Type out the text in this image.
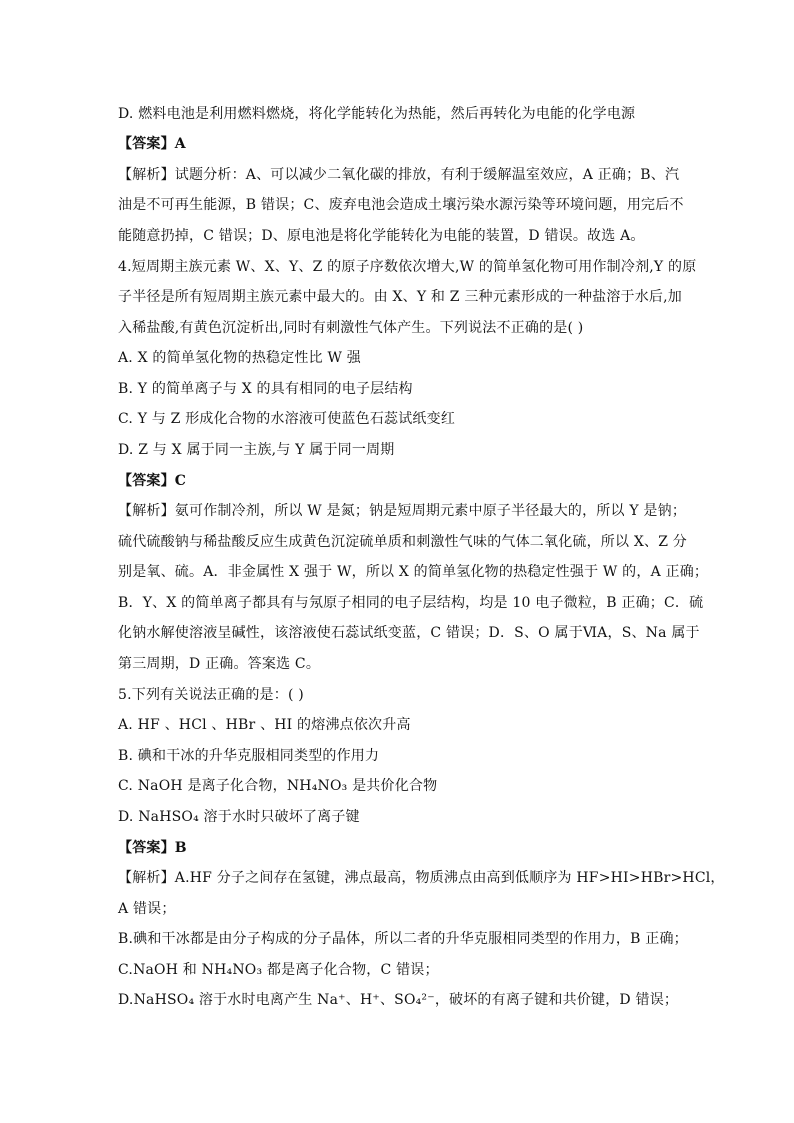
D. 燃料电池是利用燃料燃烧，将化学能转化为热能，然后再转化为电能的化学电源
【答案】A
【解析】试题分析：A、可以减少二氧化碳的排放，有利于缓解温室效应，A 正确；B、汽
油是不可再生能源，B 错误；C、废弃电池会造成土壤污染水源污染等环境问题，用完后不
能随意扔掉，C 错误；D、原电池是将化学能转化为电能的装置，D 错误。故选 A。
4.短周期主族元素 W、X、Y、Z 的原子序数依次增大,W 的简单氢化物可用作制冷剂,Y 的原
子半径是所有短周期主族元素中最大的。由 X、Y 和 Z 三种元素形成的一种盐溶于水后,加
入稀盐酸,有黄色沉淀析出,同时有刺激性气体产生。下列说法不正确的是( )
A. X 的简单氢化物的热稳定性比 W 强
B. Y 的简单离子与 X 的具有相同的电子层结构
C. Y 与 Z 形成化合物的水溶液可使蓝色石蕊试纸变红
D. Z 与 X 属于同一主族,与 Y 属于同一周期
【答案】C
【解析】氨可作制冷剂，所以 W 是氮；钠是短周期元素中原子半径最大的，所以 Y 是钠；
硫代硫酸钠与稀盐酸反应生成黄色沉淀硫单质和刺激性气味的气体二氧化硫，所以 X、Z 分
别是氧、硫。A．非金属性 X 强于 W，所以 X 的简单氢化物的热稳定性强于 W 的，A 正确；
B．Y、X 的简单离子都具有与氖原子相同的电子层结构，均是 10 电子微粒，B 正确；C．硫
化钠水解使溶液呈碱性，该溶液使石蕊试纸变蓝，C 错误；D．S、O 属于ⅥA，S、Na 属于
第三周期，D 正确。答案选 C。
5.下列有关说法正确的是：( )
A. HF 、HCl 、HBr 、HI 的熔沸点依次升高
B. 碘和干冰的升华克服相同类型的作用力
C. NaOH 是离子化合物，NH₄NO₃ 是共价化合物
D. NaHSO₄ 溶于水时只破坏了离子键
【答案】B
【解析】A.HF 分子之间存在氢键，沸点最高，物质沸点由高到低顺序为 HF>HI>HBr>HCl，
A 错误；
B.碘和干冰都是由分子构成的分子晶体，所以二者的升华克服相同类型的作用力，B 正确；
C.NaOH 和 NH₄NO₃ 都是离子化合物，C 错误；
D.NaHSO₄ 溶于水时电离产生 Na⁺、H⁺、SO₄²⁻，破坏的有离子键和共价键，D 错误；
